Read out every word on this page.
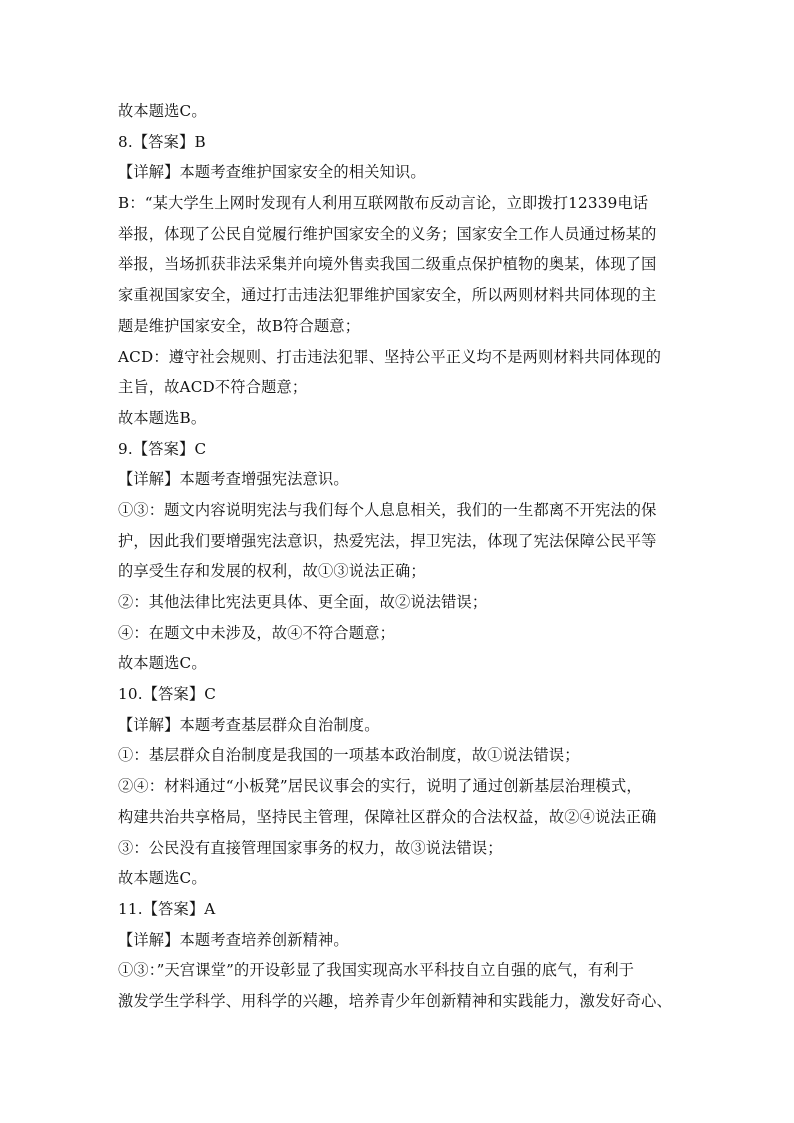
故本题选C。
8.【答案】B
【详解】本题考查维护国家安全的相关知识。
B：“某大学生上网时发现有人利用互联网散布反动言论，立即拨打12339电话
举报，体现了公民自觉履行维护国家安全的义务；国家安全工作人员通过杨某的
举报，当场抓获非法采集并向境外售卖我国二级重点保护植物的奥某，体现了国
家重视国家安全，通过打击违法犯罪维护国家安全，所以两则材料共同体现的主
题是维护国家安全，故B符合题意；
ACD：遵守社会规则、打击违法犯罪、坚持公平正义均不是两则材料共同体现的
主旨，故ACD不符合题意；
故本题选B。
9.【答案】C
【详解】本题考查增强宪法意识。
①③：题文内容说明宪法与我们每个人息息相关，我们的一生都离不开宪法的保
护，因此我们要增强宪法意识，热爱宪法，捍卫宪法，体现了宪法保障公民平等
的享受生存和发展的权利，故①③说法正确；
②：其他法律比宪法更具体、更全面，故②说法错误；
④：在题文中未涉及，故④不符合题意；
故本题选C。
10.【答案】C
【详解】本题考查基层群众自治制度。
①：基层群众自治制度是我国的一项基本政治制度，故①说法错误；
②④：材料通过“小板凳”居民议事会的实行，说明了通过创新基层治理模式，
构建共治共享格局，坚持民主管理，保障社区群众的合法权益，故②④说法正确
③：公民没有直接管理国家事务的权力，故③说法错误；
故本题选C。
11.【答案】A
【详解】本题考查培养创新精神。
①③：”天宫课堂”的开设彰显了我国实现高水平科技自立自强的底气，有利于
激发学生学科学、用科学的兴趣，培养青少年创新精神和实践能力，激发好奇心、
